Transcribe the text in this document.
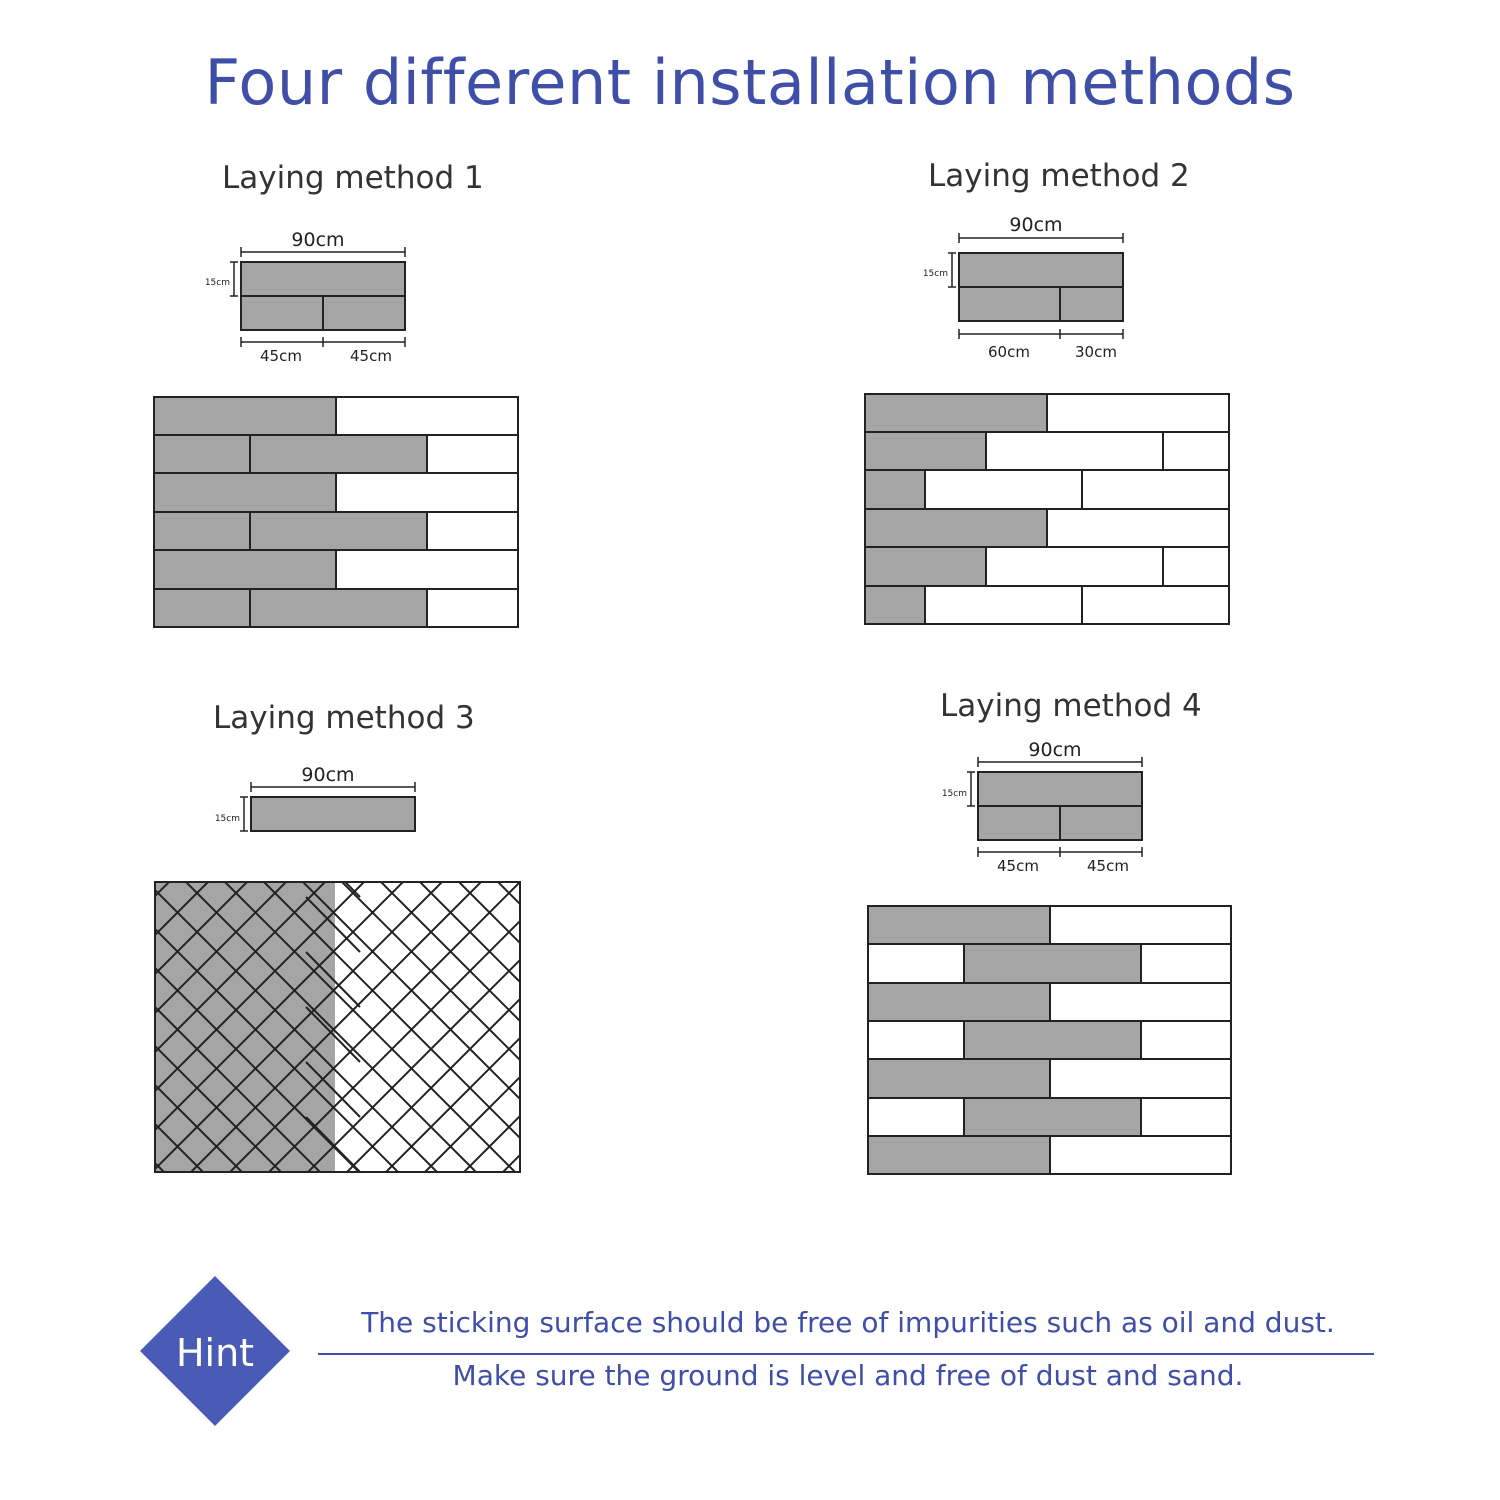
Four different installation methods
Laying method 1	Laying method 2
Laying method 3	Laying method 4
90cm
15cm
45cm	45cm
90cm
15cm
60cm	30cm
90cm
15cm
90cm
15cm
45cm	45cm
Hint
The sticking surface should be free of impurities such as oil and dust.
Make sure the ground is level and free of dust and sand.
